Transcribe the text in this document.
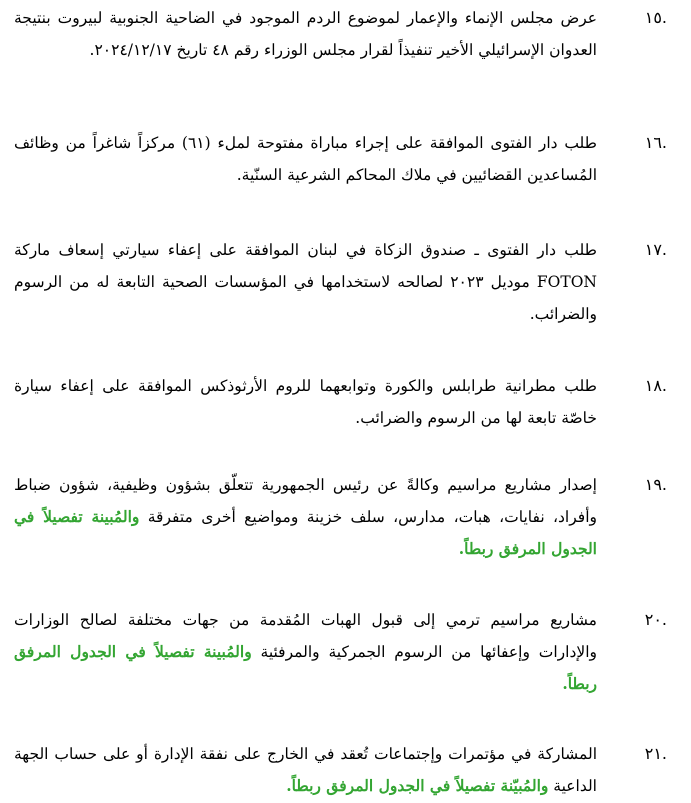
١٥.
عرض مجلس الإنماء والإعمار لموضوع الردم الموجود في الضاحية الجنوبية لبيروت بنتيجة العدوان الإسرائيلي الأخير تنفيذاً لقرار مجلس الوزراء رقم ٤٨ تاريخ ٢٠٢٤/١٢/١٧.
١٦.
طلب دار الفتوى الموافقة على إجراء مباراة مفتوحة لملء (٦١) مركزاً شاغراً من وظائف المُساعدين القضائيين في ملاك المحاكم الشرعية السنّية.
١٧.
طلب دار الفتوى ـ صندوق الزكاة في لبنان الموافقة على إعفاء سيارتي إسعاف ماركة FOTON موديل ٢٠٢٣ لصالحه لاستخدامها في المؤسسات الصحية التابعة له من الرسوم والضرائب.
١٨.
طلب مطرانية طرابلس والكورة وتوابعهما للروم الأرثوذكس الموافقة على إعفاء سيارة خاصّة تابعة لها من الرسوم والضرائب.
١٩.
إصدار مشاريع مراسيم وكالةً عن رئيس الجمهورية تتعلّق بشؤون وظيفية، شؤون ضباط وأفراد، نفايات، هبات، مدارس، سلف خزينة ومواضيع أخرى متفرقة والمُبينة تفصيلاً في الجدول المرفق ربطاً.
٢٠.
مشاريع مراسيم ترمي إلى قبول الهبات المُقدمة من جهات مختلفة لصالح الوزارات والإدارات وإعفائها من الرسوم الجمركية والمرفئية والمُبينة تفصيلاً في الجدول المرفق ربطاً.
٢١.
المشاركة في مؤتمرات وإجتماعات تُعقد في الخارج على نفقة الإدارة أو على حساب الجهة الداعية والمُبيّنة تفصيلاً في الجدول المرفق ربطاً.
